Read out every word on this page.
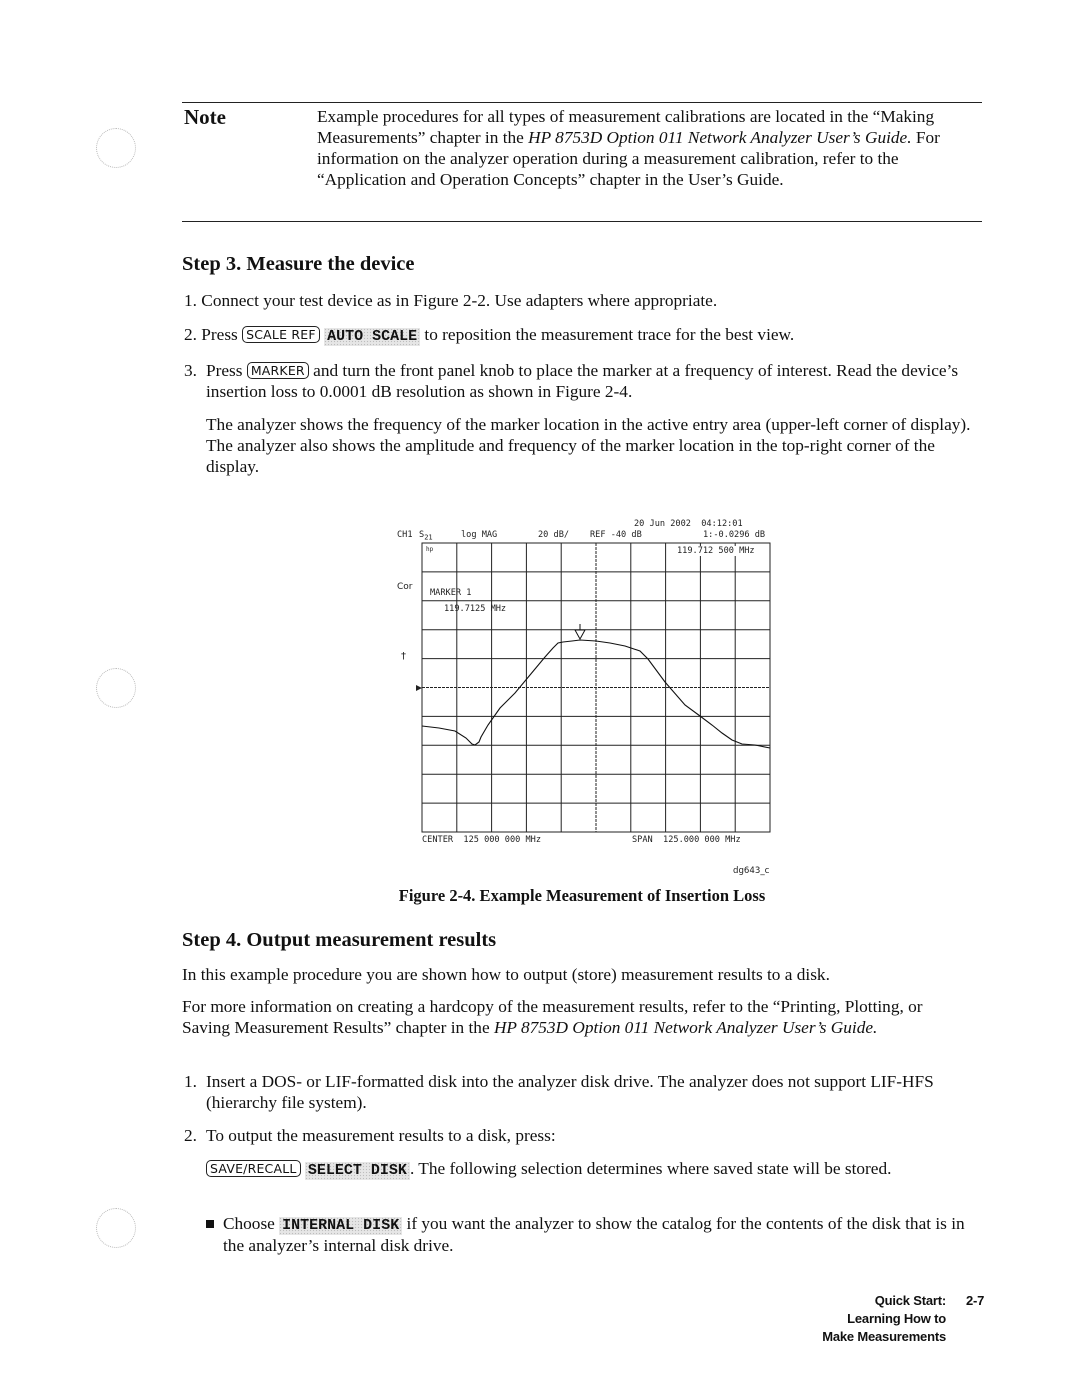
Note	Example procedures for all types of measurement calibrations are located in the “Making Measurements” chapter in the HP 8753D Option 011 Network Analyzer User’s Guide. For information on the analyzer operation during a measurement calibration, refer to the “Application and Operation Concepts” chapter in the User’s Guide.
Step 3. Measure the device
1. Connect your test device as in Figure 2-2. Use adapters where appropriate.
2. Press SCALE REF AUTO SCALE to reposition the measurement trace for the best view.
3. Press MARKER and turn the front panel knob to place the marker at a frequency of interest. Read the device’s insertion loss to 0.0001 dB resolution as shown in Figure 2-4.
The analyzer shows the frequency of the marker location in the active entry area (upper-left corner of display). The analyzer also shows the amplitude and frequency of the marker location in the top-right corner of the display.
20 Jun 2002  04:12:01
CH1 $S_{21}$	log MAG	20 dB/ REF -40 dB	1:-0.0296 dB
Cor
CENTER  125 000 000 MHz	SPAN  125.000 000 MHz
dg643_c
hp
†
119.712 500 MHz
MARKER 1
119.7125 MHz
Figure 2-4. Example Measurement of Insertion Loss
Step 4. Output measurement results
In this example procedure you are shown how to output (store) measurement results to a disk.
For more information on creating a hardcopy of the measurement results, refer to the “Printing, Plotting, or Saving Measurement Results” chapter in the HP 8753D Option 011 Network Analyzer User’s Guide.
1. Insert a DOS- or LIF-formatted disk into the analyzer disk drive. The analyzer does not support LIF-HFS (hierarchy file system).
2. To output the measurement results to a disk, press:
SAVE/RECALL SELECT DISK . The following selection determines where saved state will be stored.
Choose INTERNAL DISK if you want the analyzer to show the catalog for the contents of the disk that is in the analyzer’s internal disk drive.
Quick Start:
Learning How to
Make Measurements
2-7
